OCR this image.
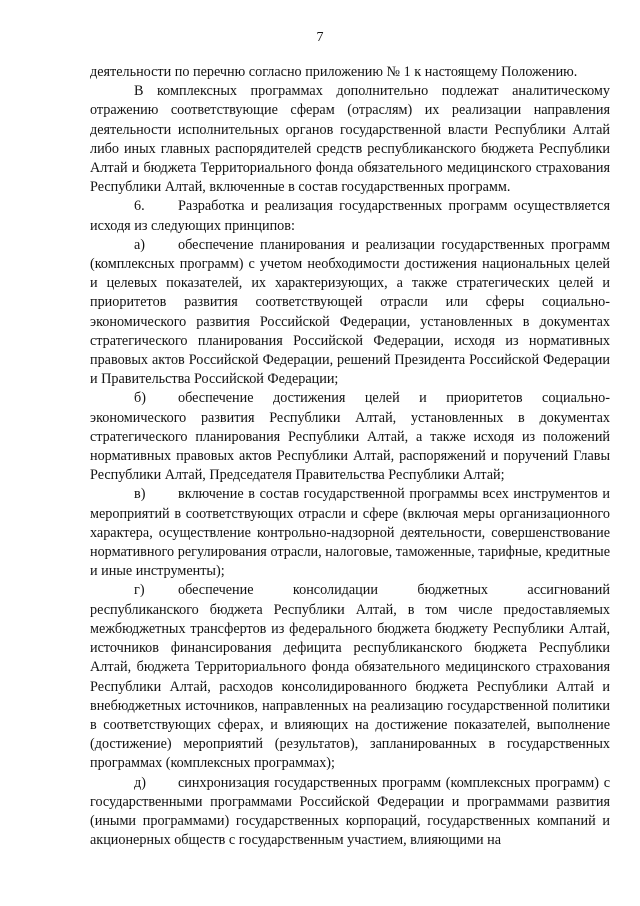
7

деятельности по перечню согласно приложению № 1 к настоящему Положению.

В комплексных программах дополнительно подлежат аналитическому отражению соответствующие сферам (отраслям) их реализации направления деятельности исполнительных органов государственной власти Республики Алтай либо иных главных распорядителей средств республиканского бюджета Республики Алтай и бюджета Территориального фонда обязательного медицинского страхования Республики Алтай, включенные в состав государственных программ.

6. Разработка и реализация государственных программ осуществляется исходя из следующих принципов:

а) обеспечение планирования и реализации государственных программ (комплексных программ) с учетом необходимости достижения национальных целей и целевых показателей, их характеризующих, а также стратегических целей и приоритетов развития соответствующей отрасли или сферы социально-экономического развития Российской Федерации, установленных в документах стратегического планирования Российской Федерации, исходя из нормативных правовых актов Российской Федерации, решений Президента Российской Федерации и Правительства Российской Федерации;

б) обеспечение достижения целей и приоритетов социально-экономического развития Республики Алтай, установленных в документах стратегического планирования Республики Алтай, а также исходя из положений нормативных правовых актов Республики Алтай, распоряжений и поручений Главы Республики Алтай, Председателя Правительства Республики Алтай;

в) включение в состав государственной программы всех инструментов и мероприятий в соответствующих отрасли и сфере (включая меры организационного характера, осуществление контрольно-надзорной деятельности, совершенствование нормативного регулирования отрасли, налоговые, таможенные, тарифные, кредитные и иные инструменты);

г) обеспечение консолидации бюджетных ассигнований республиканского бюджета Республики Алтай, в том числе предоставляемых межбюджетных трансфертов из федерального бюджета бюджету Республики Алтай, источников финансирования дефицита республиканского бюджета Республики Алтай, бюджета Территориального фонда обязательного медицинского страхования Республики Алтай, расходов консолидированного бюджета Республики Алтай и внебюджетных источников, направленных на реализацию государственной политики в соответствующих сферах, и влияющих на достижение показателей, выполнение (достижение) мероприятий (результатов), запланированных в государственных программах (комплексных программах);

д) синхронизация государственных программ (комплексных программ) с государственными программами Российской Федерации и программами развития (иными программами) государственных корпораций, государственных компаний и акционерных обществ с государственным участием, влияющими на
